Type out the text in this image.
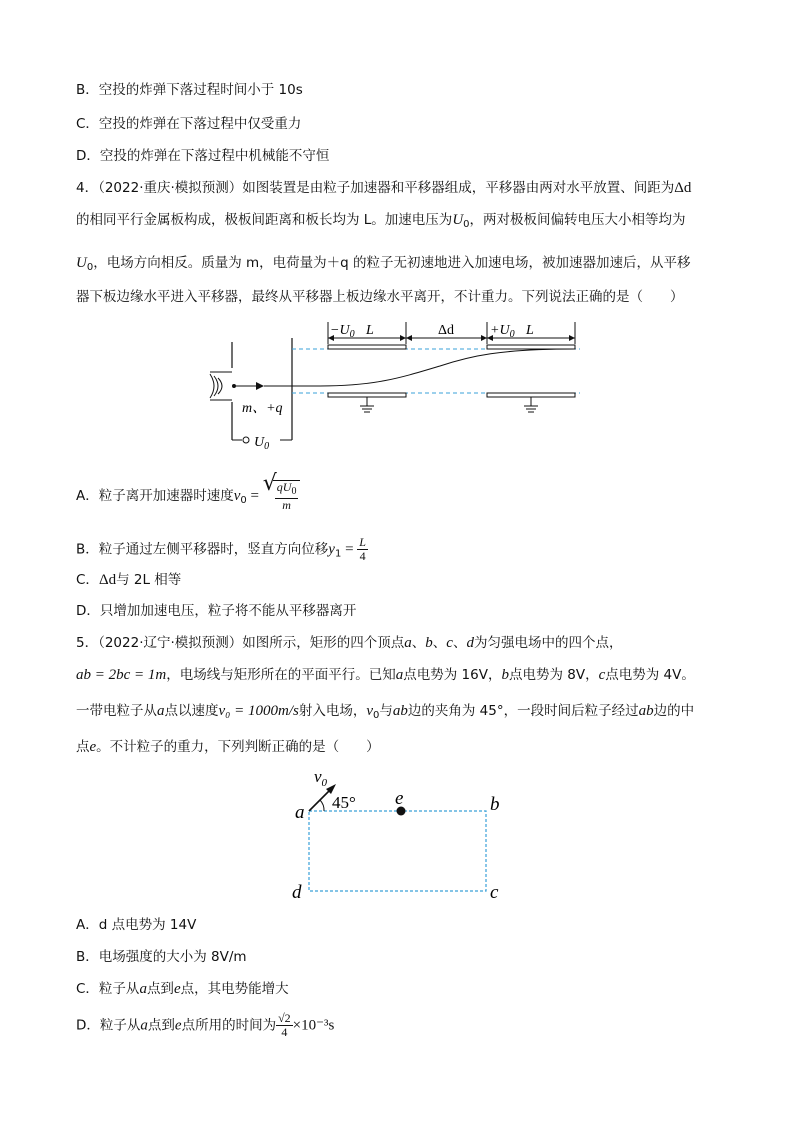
B．空投的炸弹下落过程时间小于 10s
C．空投的炸弹在下落过程中仅受重力
D．空投的炸弹在下落过程中机械能不守恒
4．（2022·重庆·模拟预测）如图装置是由粒子加速器和平移器组成，平移器由两对水平放置、间距为Δd
的相同平行金属板构成，极板间距离和板长均为 L。加速电压为$U_0$，两对极板间偏转电压大小相等均为
$U_0$，电场方向相反。质量为 m，电荷量为＋q 的粒子无初速地进入加速电场，被加速器加速后，从平移
器下板边缘水平进入平移器，最终从平移器上板边缘水平离开，不计重力。下列说法正确的是（　　）
$-U_0$ L	Δd	$+U_0$ L
m、+q
$U_0$
A．粒子离开加速器时速度$v_0$ = √
$\frac{qU_0}{m}$
B．粒子通过左侧平移器时，竖直方向位移$y_1 = \frac{L}{4}$
C．Δd与 2L 相等
D．只增加加速电压，粒子将不能从平移器离开
5．（2022·辽宁·模拟预测）如图所示，矩形的四个顶点a、b、c、d为匀强电场中的四个点，
ab = 2bc = 1m，电场线与矩形所在的平面平行。已知a点电势为 16V，b点电势为 8V，c点电势为 4V。
一带电粒子从a点以速度v₀ = 1000m/s射入电场，$v_0$与ab边的夹角为 45°，一段时间后粒子经过ab边的中
点e。不计粒子的重力，下列判断正确的是（　　）
$v_0$
45°
a
e	b
d	c
A．d 点电势为 14V
B．电场强度的大小为 8V/m
C．粒子从a点到e点，其电势能增大
D．粒子从a点到e点所用的时间为 $\frac{√2}{4} \times 10^{-3}s$
